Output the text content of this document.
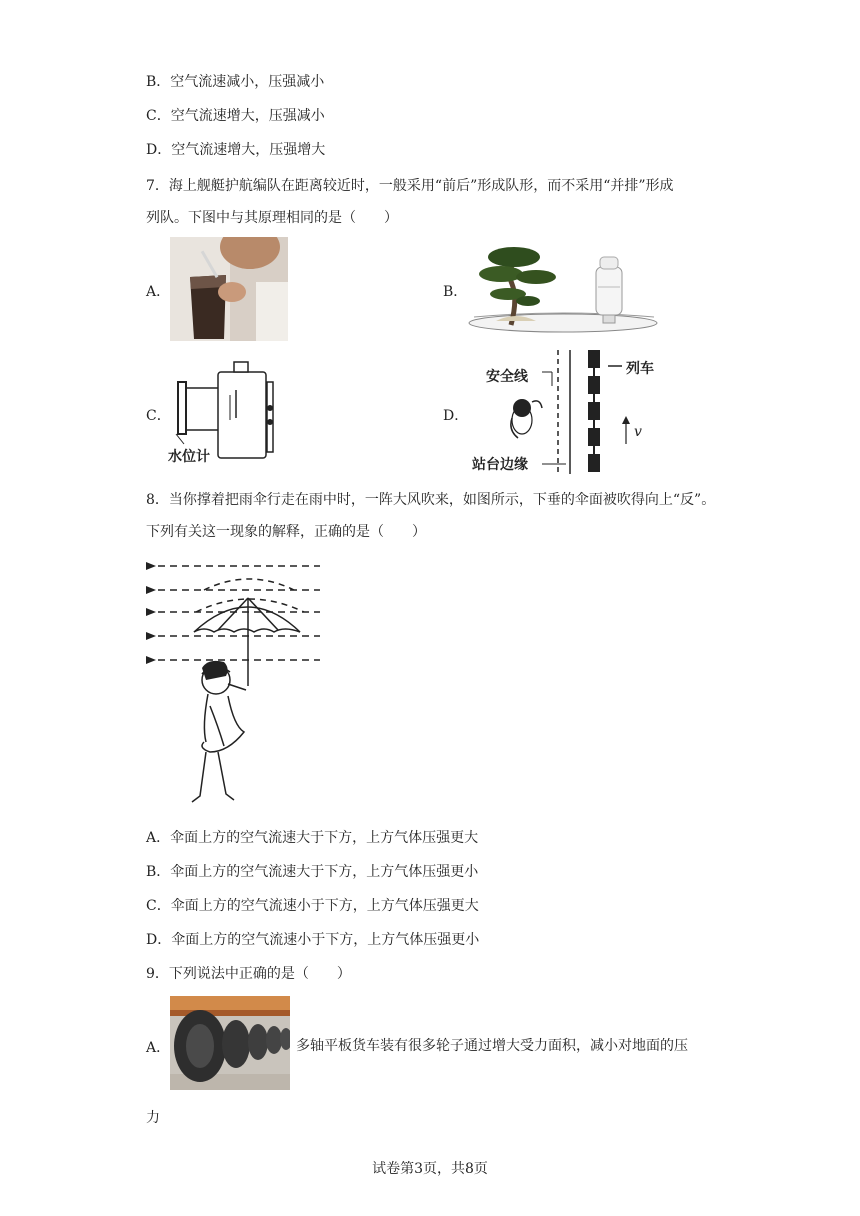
B．空气流速减小，压强减小
C．空气流速增大，压强减小
D．空气流速增大，压强增大
7．海上舰艇护航编队在距离较近时，一般采用“前后”形成队形，而不采用“并排”形成
列队。下图中与其原理相同的是（　　）
A．	B．
C．
水位计
D．
安全线	列车
站台边缘
v
8．当你撑着把雨伞行走在雨中时，一阵大风吹来，如图所示，下垂的伞面被吹得向上“反”。
下列有关这一现象的解释，正确的是（　　）
A．伞面上方的空气流速大于下方，上方气体压强更大
B．伞面上方的空气流速大于下方，上方气体压强更小
C．伞面上方的空气流速小于下方，上方气体压强更大
D．伞面上方的空气流速小于下方，上方气体压强更小
9．下列说法中正确的是（　　）
A．	多轴平板货车装有很多轮子通过增大受力面积，减小对地面的压
力
试卷第3页，共8页
